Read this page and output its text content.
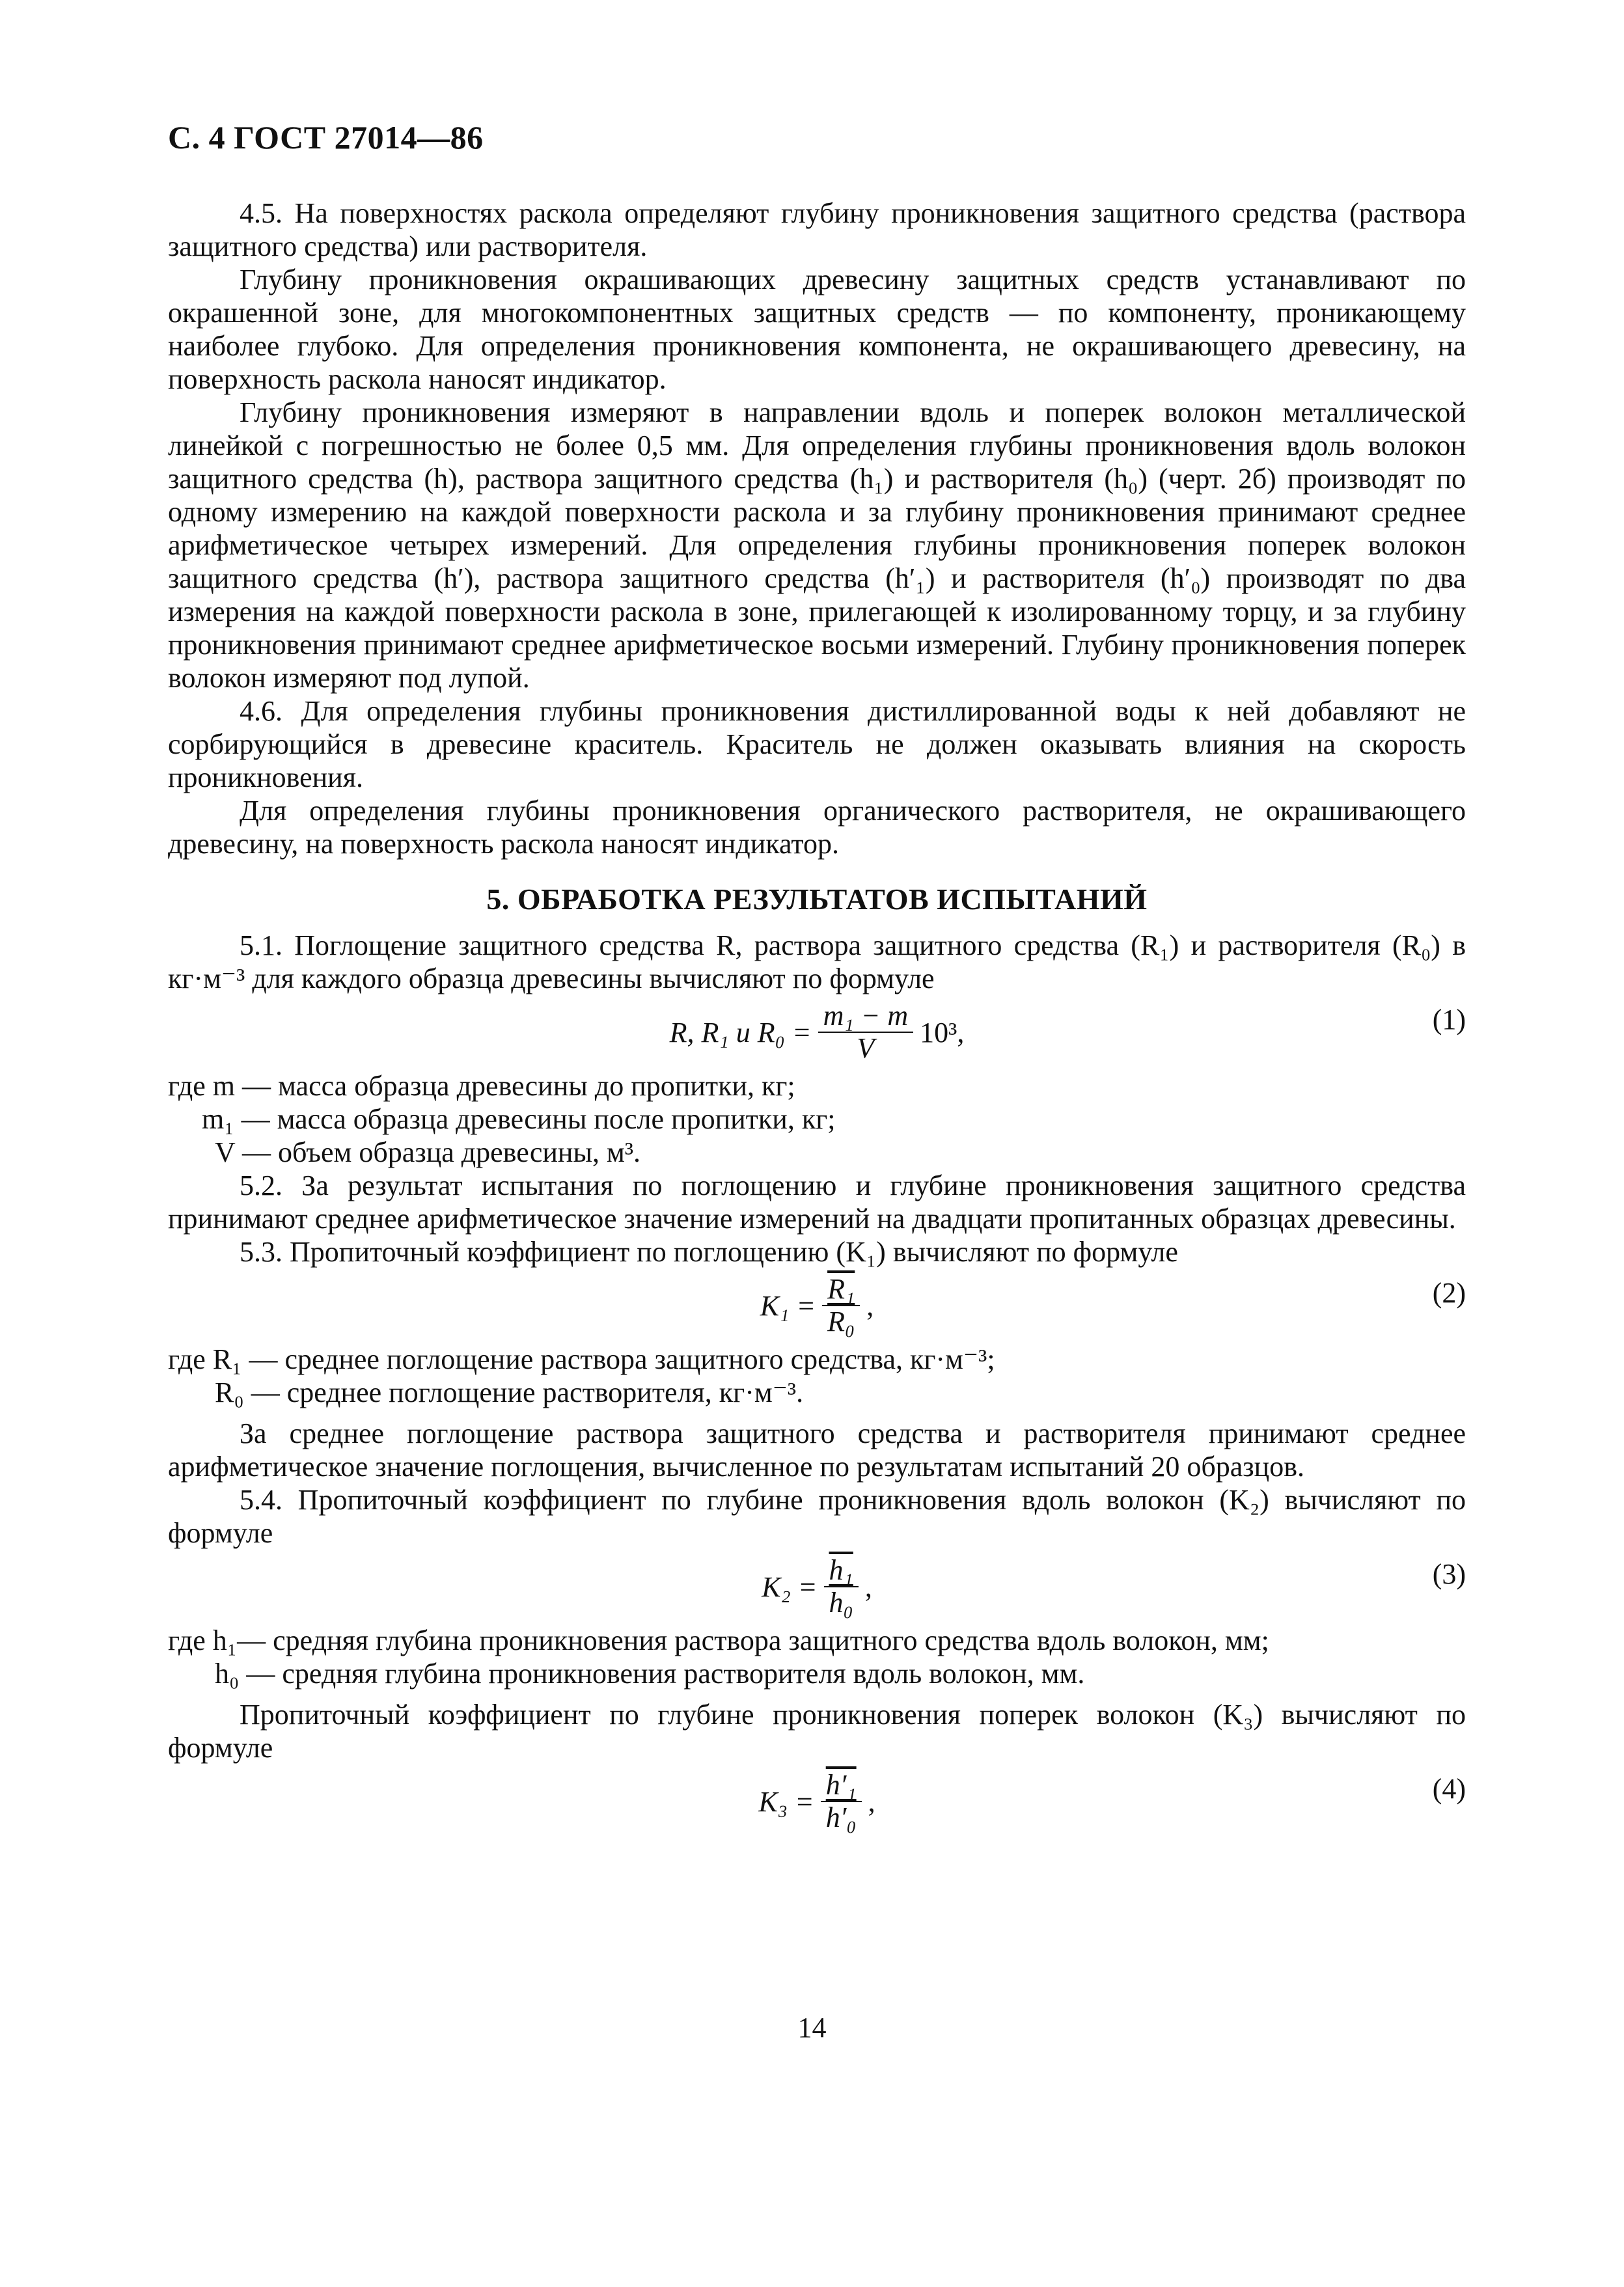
С. 4 ГОСТ 27014—86

4.5. На поверхностях раскола определяют глубину проникновения защитного средства (раствора защитного средства) или растворителя.

Глубину проникновения окрашивающих древесину защитных средств устанавливают по окрашенной зоне, для многокомпонентных защитных средств — по компоненту, проникающему наиболее глубоко. Для определения проникновения компонента, не окрашивающего древесину, на поверхность раскола наносят индикатор.

Глубину проникновения измеряют в направлении вдоль и поперек волокон металлической линейкой с погрешностью не более 0,5 мм. Для определения глубины проникновения вдоль волокон защитного средства (h), раствора защитного средства (h₁) и растворителя (h₀) (черт. 2б) производят по одному измерению на каждой поверхности раскола и за глубину проникновения принимают среднее арифметическое четырех измерений. Для определения глубины проникновения поперек волокон защитного средства (h′), раствора защитного средства (h′₁) и растворителя (h′₀) производят по два измерения на каждой поверхности раскола в зоне, прилегающей к изолированному торцу, и за глубину проникновения принимают среднее арифметическое восьми измерений. Глубину проникновения поперек волокон измеряют под лупой.

4.6. Для определения глубины проникновения дистиллированной воды к ней добавляют не сорбирующийся в древесине краситель. Краситель не должен оказывать влияния на скорость проникновения.

Для определения глубины проникновения органического растворителя, не окрашивающего древесину, на поверхность раскола наносят индикатор.

5. ОБРАБОТКА РЕЗУЛЬТАТОВ ИСПЫТАНИЙ

5.1. Поглощение защитного средства R, раствора защитного средства (R₁) и растворителя (R₀) в кг·м⁻³ для каждого образца древесины вычисляют по формуле

R, R₁ и $R_0 = \frac{\text{m₁ − m}}{V} 10^3$,	(1)
где m — масса образца древесины до пропитки, кг;
m₁ — масса образца древесины после пропитки, кг;
V — объем образца древесины, м³.

5.2. За результат испытания по поглощению и глубине проникновения защитного средства принимают среднее арифметическое значение измерений на двадцати пропитанных образцах древесины.

5.3. Пропиточный коэффициент по поглощению (K₁) вычисляют по формуле

$K_1 = \frac{\text{R₁}}{\text{R₀}}$ ,	(2)
где R₁ — среднее поглощение раствора защитного средства, кг·м⁻³;
R₀ — среднее поглощение растворителя, кг·м⁻³.

За среднее поглощение раствора защитного средства и растворителя принимают среднее арифметическое значение поглощения, вычисленное по результатам испытаний 20 образцов.

5.4. Пропиточный коэффициент по глубине проникновения вдоль волокон (K₂) вычисляют по формуле

$K_2 = \frac{\text{h₁}}{\text{h₀}}$ ,	(3)
где h₁— средняя глубина проникновения раствора защитного средства вдоль волокон, мм;
h₀ — средняя глубина проникновения растворителя вдоль волокон, мм.

Пропиточный коэффициент по глубине проникновения поперек волокон (K₃) вычисляют по формуле

$K_3 = \frac{\text{h′₁}}{\text{h′₀}}$ ,	(4)
14
